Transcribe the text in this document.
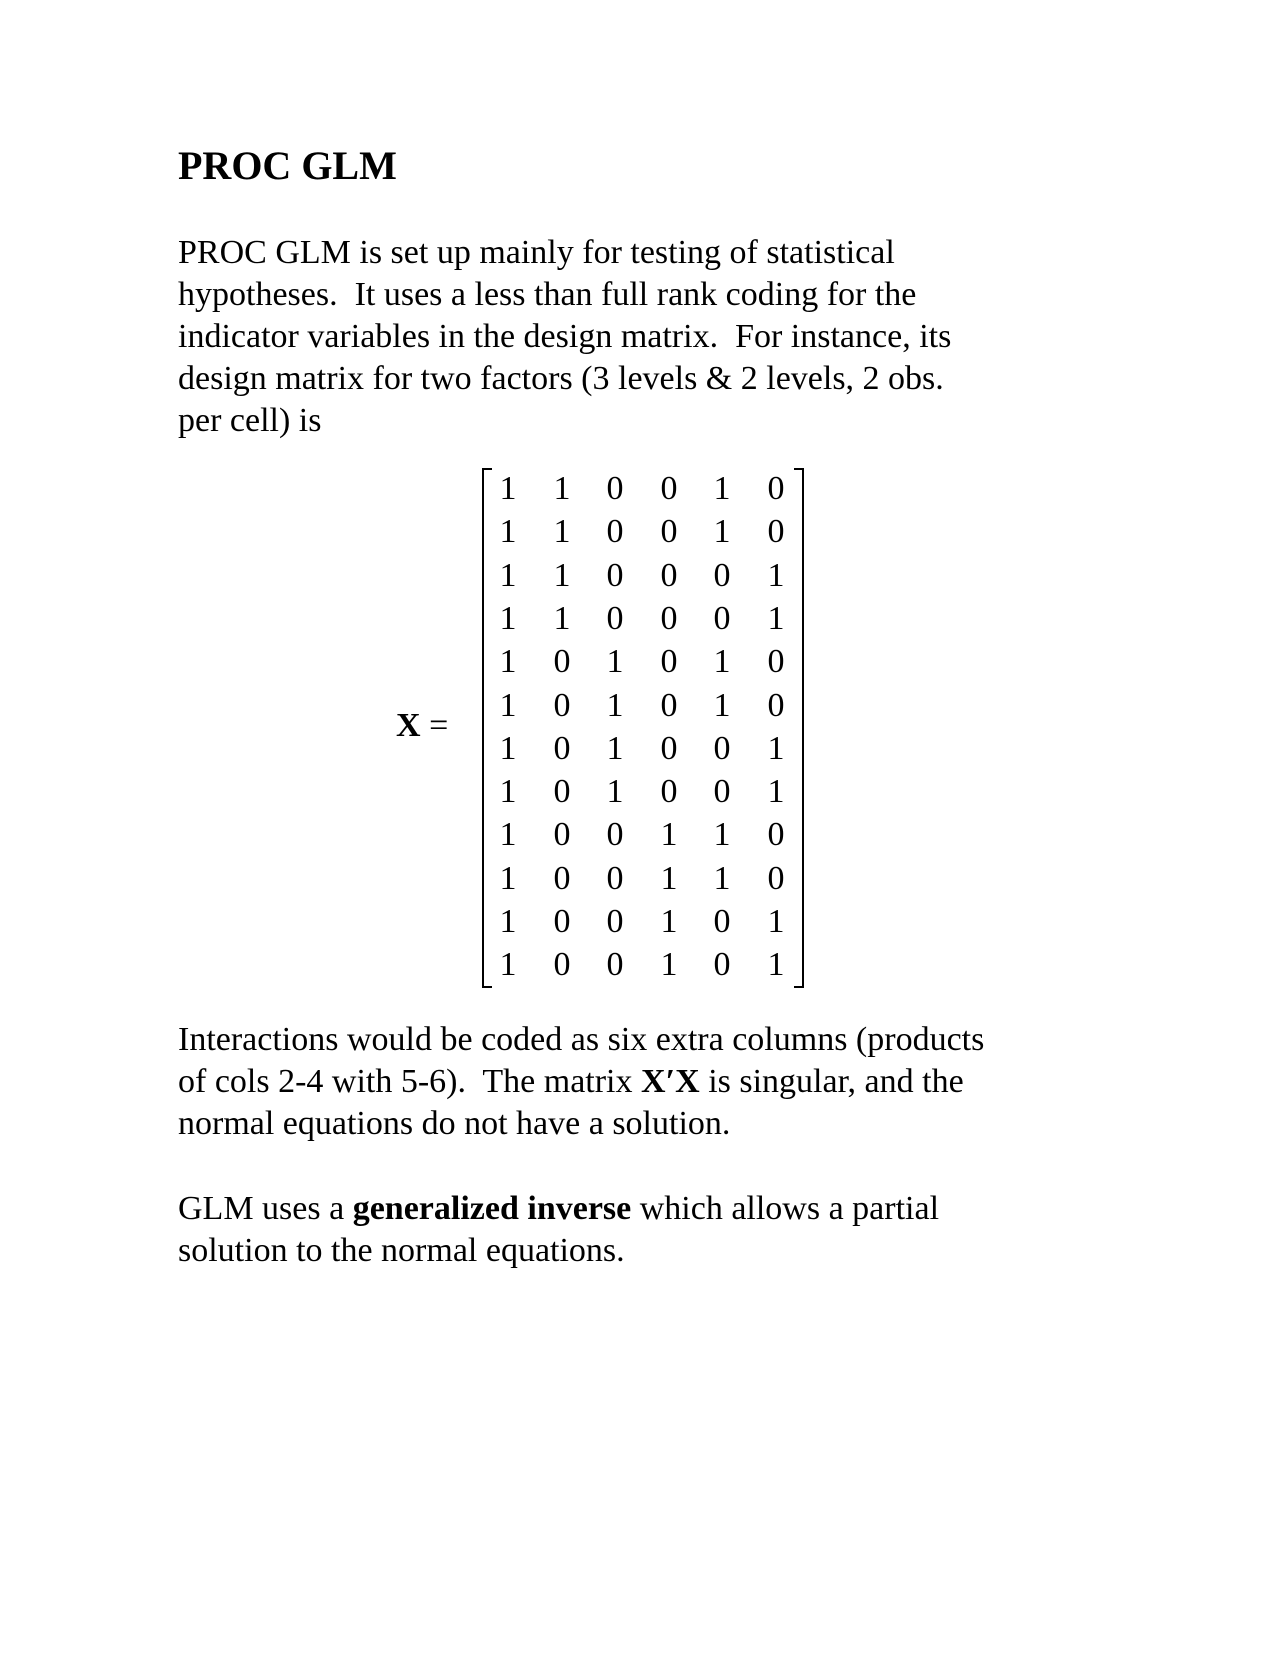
PROC GLM
PROC GLM is set up mainly for testing of statistical
hypotheses.  It uses a less than full rank coding for the
indicator variables in the design matrix.  For instance, its
design matrix for two factors (3 levels & 2 levels, 2 obs.
per cell) is
X =
1 1 0 0 1 0
1 1 0 0 1 0
1 1 0 0 0 1
1 1 0 0 0 1
1 0 1 0 1 0
1 0 1 0 1 0
1 0 1 0 0 1
1 0 1 0 0 1
1 0 0 1 1 0
1 0 0 1 1 0
1 0 0 1 0 1
1 0 0 1 0 1
Interactions would be coded as six extra columns (products
of cols 2-4 with 5-6).  The matrix X′X is singular, and the
normal equations do not have a solution.
GLM uses a generalized inverse which allows a partial
solution to the normal equations.
